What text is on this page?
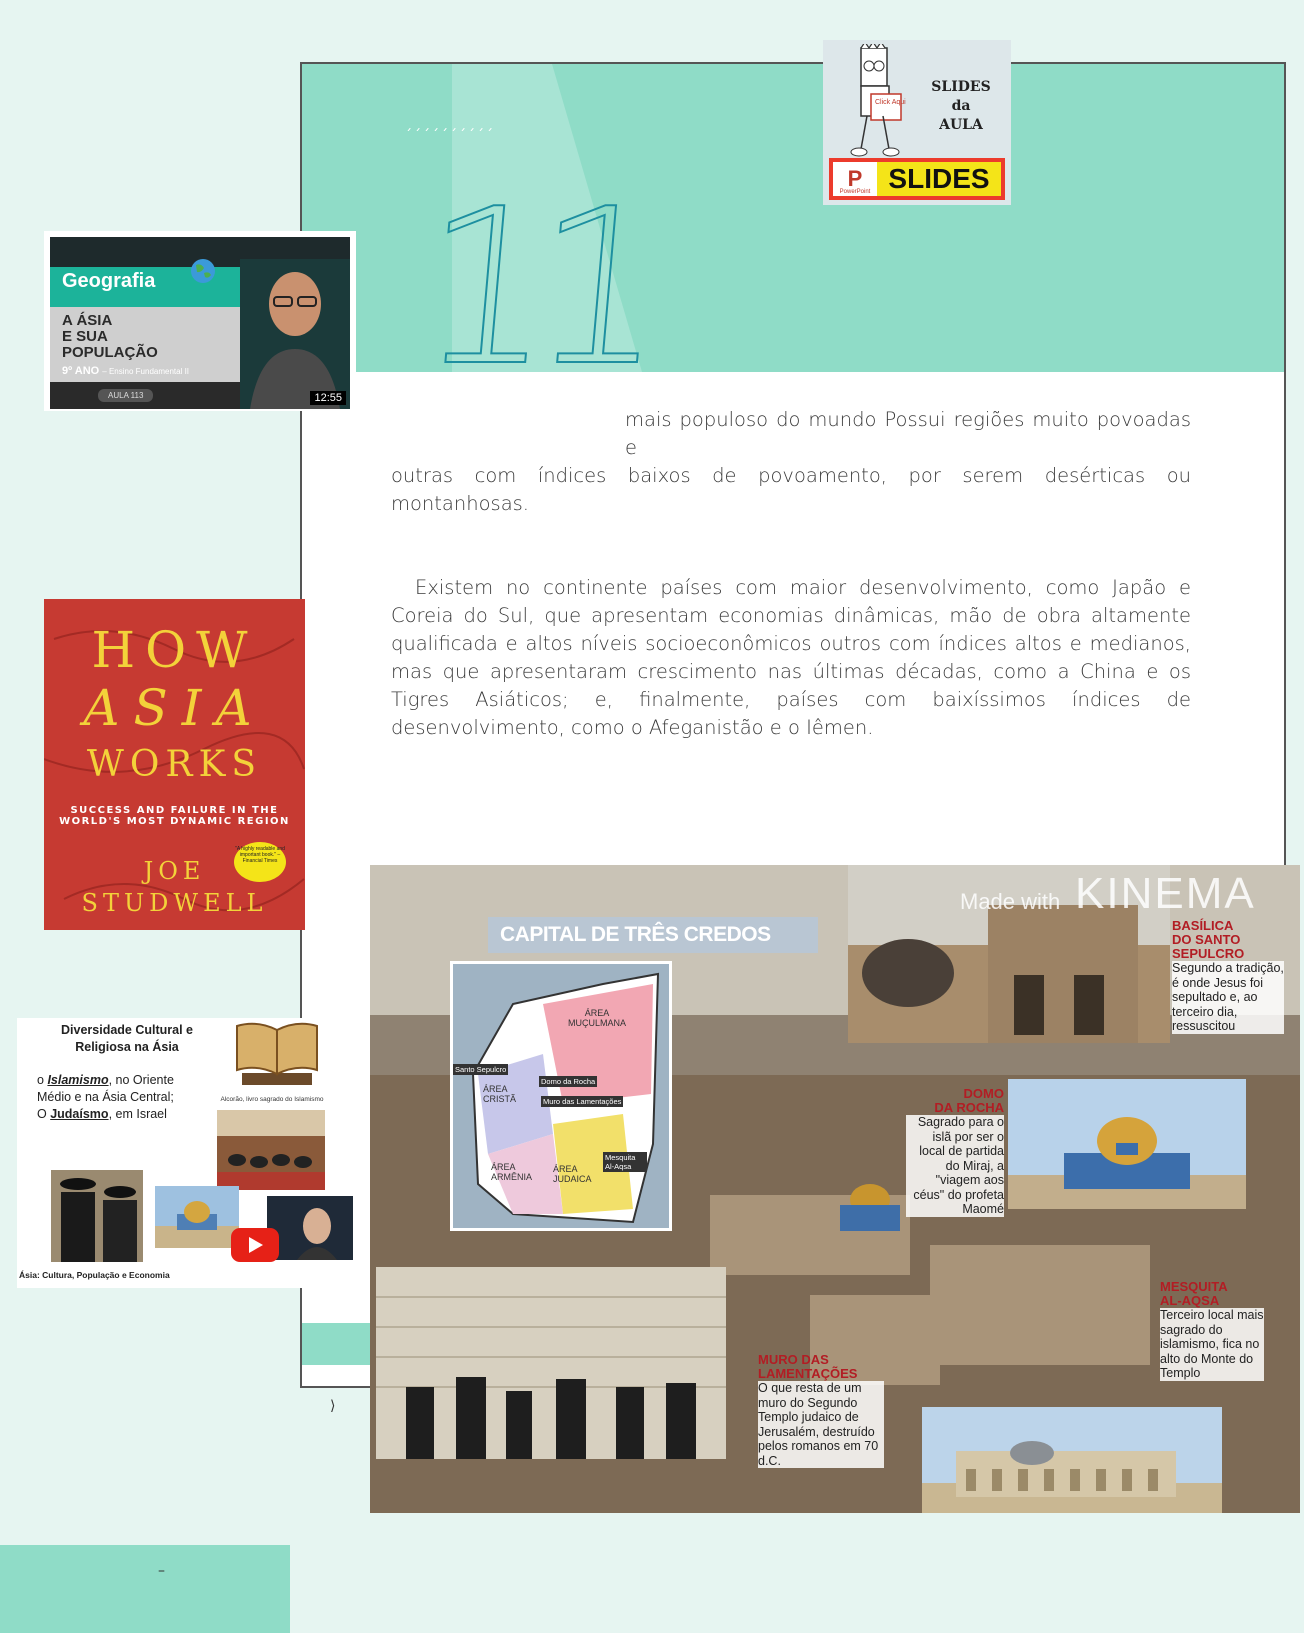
´´´´´´´´´´
11
Click Aqui
SLIDES
da
AULA
P
PowerPoint SLIDES
Geografia
A ÁSIA
E SUA
POPULAÇÃO
9º ANO – Ensino Fundamental II
AULA 113	12:55
mais populoso do mundo Possui regiões muito povoadas e
outras com índices baixos de povoamento, por serem desérticas ou montanhosas.
Existem no continente países com maior desenvolvimento, como Japão e Coreia do Sul, que apresentam economias dinâmicas, mão de obra altamente qualificada e altos níveis socioeconômicos outros com índices altos e medianos, mas que apresentaram crescimento nas últimas décadas, como a China e os Tigres Asiáticos; e, finalmente, países com baixíssimos índices de desenvolvimento, como o Afeganistão e o Iêmen.
HOW
ASIA
WORKS
SUCCESS AND FAILURE IN THE
WORLD'S MOST DYNAMIC REGION
JOE
STUDWELL
"A highly readable and important book." –Financial Times
Diversidade Cultural e
Religiosa na Ásia
o Islamismo, no Oriente Médio e na Ásia Central;
O Judaísmo, em Israel
Alcorão, livro sagrado do Islamismo
Ásia: Cultura, População e Economia
CAPITAL DE TRÊS CREDOS
ÁREA MUÇULMANA
ÁREA CRISTÃ
ÁREA ARMÊNIA
ÁREA JUDAICA
Santo Sepulcro
Domo da Rocha
Muro das Lamentações
Mesquita Al-Aqsa
Made with KINEMA
BASÍLICA
DO SANTO
SEPULCRO
Segundo a tradição, é onde Jesus foi sepultado e, ao terceiro dia, ressuscitou
DOMO
DA ROCHA
Sagrado para o islã por ser o local de partida do Miraj, a "viagem aos céus" do profeta Maomé
MESQUITA
AL-AQSA
Terceiro local mais sagrado do islamismo, fica no alto do Monte do Templo
MURO DAS
LAMENTAÇÕES
O que resta de um muro do Segundo Templo judaico de Jerusalém, destruído pelos romanos em 70 d.C.
⟩
–
